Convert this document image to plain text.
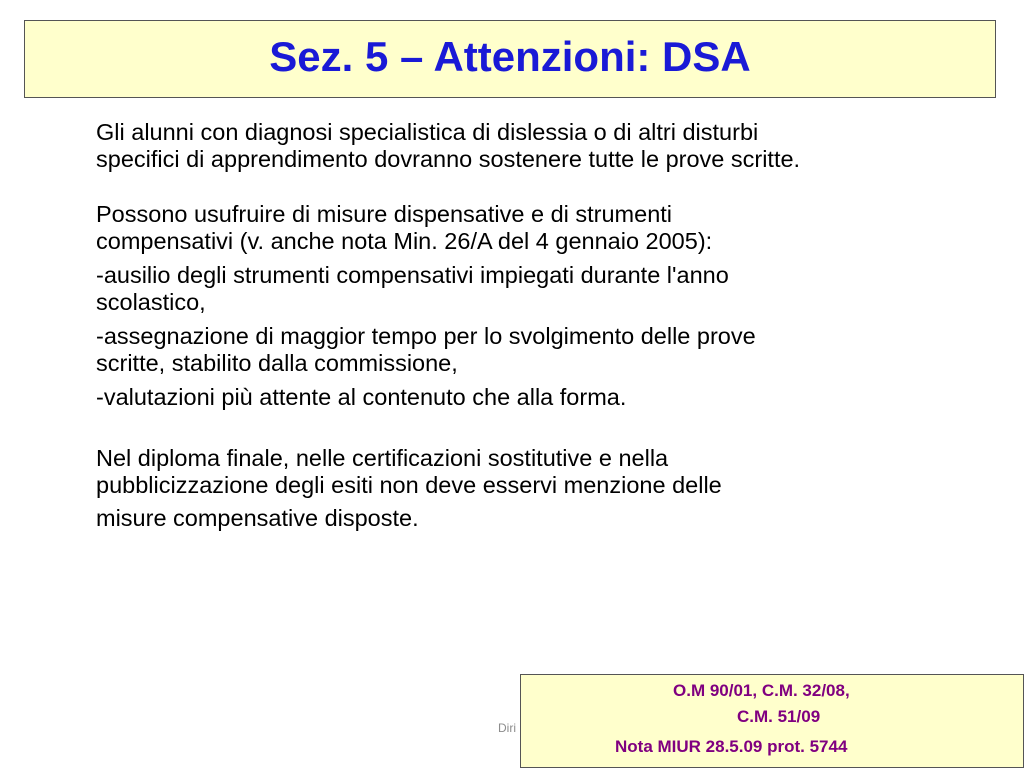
Sez. 5 – Attenzioni: DSA

Gli alunni con diagnosi specialistica di dislessia o di altri disturbi
specifici di apprendimento dovranno sostenere tutte le prove scritte.

Possono usufruire di misure dispensative e di strumenti
compensativi (v. anche nota Min. 26/A del 4 gennaio 2005):

-ausilio degli strumenti compensativi impiegati durante l'anno
scolastico,

-assegnazione di maggior tempo per lo svolgimento delle prove
scritte, stabilito dalla commissione,

-valutazioni più attente al contenuto che alla forma.

Nel diploma finale, nelle certificazioni sostitutive e nella
pubblicizzazione degli esiti non deve esservi menzione delle
misure compensative disposte.

Diri
O.M 90/01, C.M. 32/08,
C.M. 51/09
Nota MIUR 28.5.09 prot. 5744
